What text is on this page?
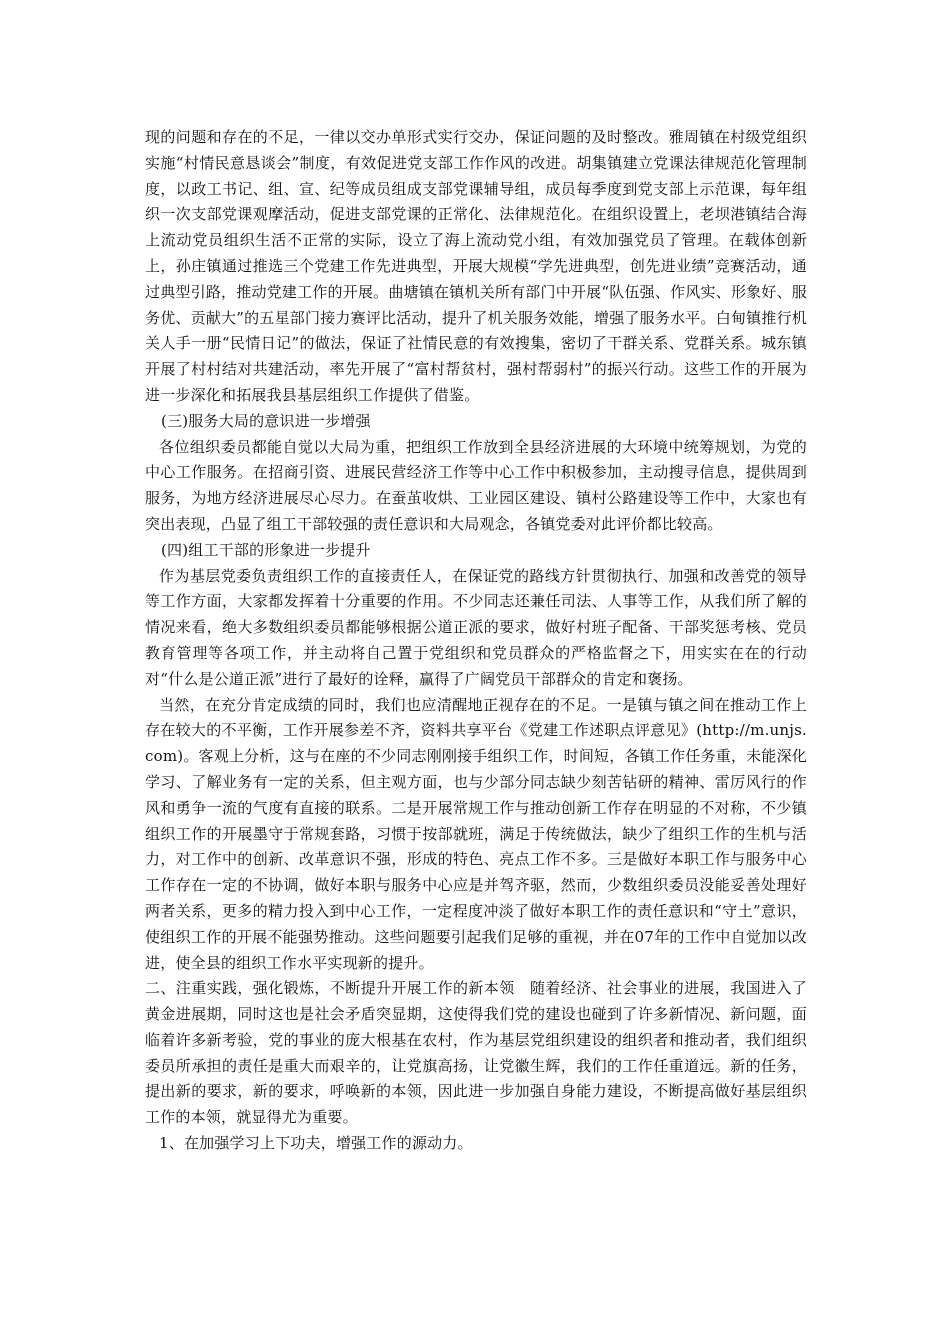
现的问题和存在的不足，一律以交办单形式实行交办，保证问题的及时整改。雅周镇在村级党组织实施“村情民意恳谈会”制度，有效促进党支部工作作风的改进。胡集镇建立党课法律规范化管理制度，以政工书记、组、宣、纪等成员组成支部党课辅导组，成员每季度到党支部上示范课，每年组织一次支部党课观摩活动，促进支部党课的正常化、法律规范化。在组织设置上，老坝港镇结合海上流动党员组织生活不正常的实际，设立了海上流动党小组，有效加强党员了管理。在载体创新上，孙庄镇通过推选三个党建工作先进典型，开展大规模“学先进典型，创先进业绩”竞赛活动，通过典型引路，推动党建工作的开展。曲塘镇在镇机关所有部门中开展“队伍强、作风实、形象好、服务优、贡献大”的五星部门接力赛评比活动，提升了机关服务效能，增强了服务水平。白甸镇推行机关人手一册“民情日记”的做法，保证了社情民意的有效搜集，密切了干群关系、党群关系。城东镇开展了村村结对共建活动，率先开展了“富村帮贫村，强村帮弱村”的振兴行动。这些工作的开展为进一步深化和拓展我县基层组织工作提供了借鉴。

(三)服务大局的意识进一步增强

各位组织委员都能自觉以大局为重，把组织工作放到全县经济进展的大环境中统筹规划，为党的中心工作服务。在招商引资、进展民营经济工作等中心工作中积极参加，主动搜寻信息，提供周到服务，为地方经济进展尽心尽力。在蚕茧收烘、工业园区建设、镇村公路建设等工作中，大家也有突出表现，凸显了组工干部较强的责任意识和大局观念，各镇党委对此评价都比较高。

(四)组工干部的形象进一步提升

作为基层党委负责组织工作的直接责任人，在保证党的路线方针贯彻执行、加强和改善党的领导等工作方面，大家都发挥着十分重要的作用。不少同志还兼任司法、人事等工作，从我们所了解的情况来看，绝大多数组织委员都能够根据公道正派的要求，做好村班子配备、干部奖惩考核、党员教育管理等各项工作，并主动将自己置于党组织和党员群众的严格监督之下，用实实在在的行动对“什么是公道正派”进行了最好的诠释，赢得了广阔党员干部群众的肯定和褒扬。

当然，在充分肯定成绩的同时，我们也应清醒地正视存在的不足。一是镇与镇之间在推动工作上存在较大的不平衡，工作开展参差不齐，资料共享平台《党建工作述职点评意见》(http://m.unjs.com)。客观上分析，这与在座的不少同志刚刚接手组织工作，时间短，各镇工作任务重，未能深化学习、了解业务有一定的关系，但主观方面，也与少部分同志缺少刻苦钻研的精神、雷厉风行的作风和勇争一流的气度有直接的联系。二是开展常规工作与推动创新工作存在明显的不对称，不少镇组织工作的开展墨守于常规套路，习惯于按部就班，满足于传统做法，缺少了组织工作的生机与活力，对工作中的创新、改革意识不强，形成的特色、亮点工作不多。三是做好本职工作与服务中心工作存在一定的不协调，做好本职与服务中心应是并驾齐驱，然而，少数组织委员没能妥善处理好两者关系，更多的精力投入到中心工作，一定程度冲淡了做好本职工作的责任意识和“守土”意识，使组织工作的开展不能强势推动。这些问题要引起我们足够的重视，并在07年的工作中自觉加以改进，使全县的组织工作水平实现新的提升。

二、注重实践，强化锻炼，不断提升开展工作的新本领　随着经济、社会事业的进展，我国进入了黄金进展期，同时这也是社会矛盾突显期，这使得我们党的建设也碰到了许多新情况、新问题，面临着许多新考验，党的事业的庞大根基在农村，作为基层党组织建设的组织者和推动者，我们组织委员所承担的责任是重大而艰辛的，让党旗高扬，让党徽生辉，我们的工作任重道远。新的任务，提出新的要求，新的要求，呼唤新的本领，因此进一步加强自身能力建设，不断提高做好基层组织工作的本领，就显得尤为重要。

1、在加强学习上下功夫，增强工作的源动力。
